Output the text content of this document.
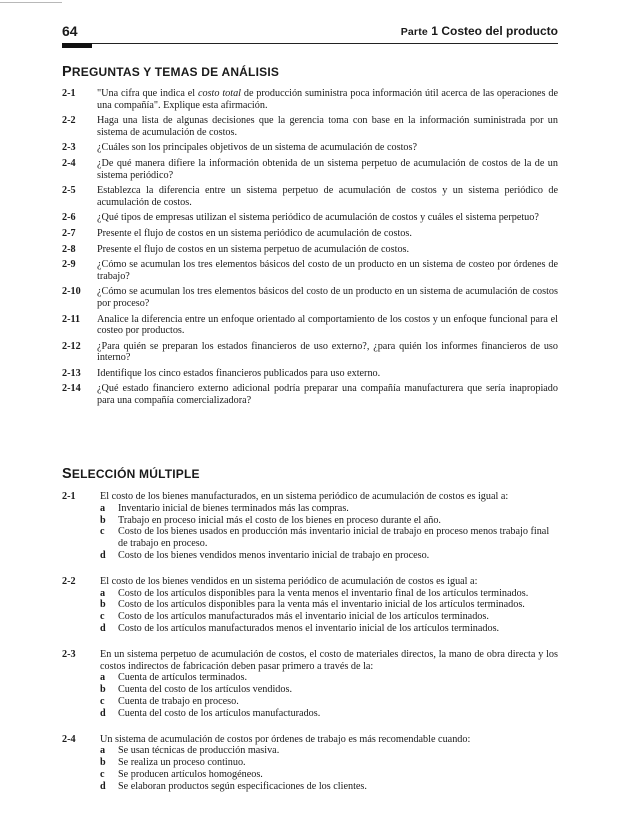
64	Parte 1 Costeo del producto
PREGUNTAS Y TEMAS DE ANÁLISIS
2-1	"Una cifra que indica el costo total de producción suministra poca información útil acerca de las operaciones de una compañía". Explique esta afirmación.
2-2	Haga una lista de algunas decisiones que la gerencia toma con base en la información suministrada por un sistema de acumulación de costos.
2-3	¿Cuáles son los principales objetivos de un sistema de acumulación de costos?
2-4	¿De qué manera difiere la información obtenida de un sistema perpetuo de acumulación de costos de la de un sistema periódico?
2-5	Establezca la diferencia entre un sistema perpetuo de acumulación de costos y un sistema periódico de acumulación de costos.
2-6	¿Qué tipos de empresas utilizan el sistema periódico de acumulación de costos y cuáles el sistema perpetuo?
2-7	Presente el flujo de costos en un sistema periódico de acumulación de costos.
2-8	Presente el flujo de costos en un sistema perpetuo de acumulación de costos.
2-9	¿Cómo se acumulan los tres elementos básicos del costo de un producto en un sistema de costeo por órdenes de trabajo?
2-10	¿Cómo se acumulan los tres elementos básicos del costo de un producto en un sistema de acumulación de costos por proceso?
2-11	Analice la diferencia entre un enfoque orientado al comportamiento de los costos y un enfoque funcional para el costeo por productos.
2-12	¿Para quién se preparan los estados financieros de uso externo?, ¿para quién los informes financieros de uso interno?
2-13	Identifique los cinco estados financieros publicados para uso externo.
2-14	¿Qué estado financiero externo adicional podría preparar una compañía manufacturera que sería inapropiado para una compañía comercializadora?
SELECCIÓN MÚLTIPLE
2-1	El costo de los bienes manufacturados, en un sistema periódico de acumulación de costos es igual a:
a	Inventario inicial de bienes terminados más las compras.
b	Trabajo en proceso inicial más el costo de los bienes en proceso durante el año.
c	Costo de los bienes usados en producción más inventario inicial de trabajo en proceso menos trabajo final de trabajo en proceso.
d	Costo de los bienes vendidos menos inventario inicial de trabajo en proceso.
2-2	El costo de los bienes vendidos en un sistema periódico de acumulación de costos es igual a:
a	Costo de los artículos disponibles para la venta menos el inventario final de los artículos terminados.
b	Costo de los artículos disponibles para la venta más el inventario inicial de los artículos terminados.
c	Costo de los artículos manufacturados más el inventario inicial de los artículos terminados.
d	Costo de los artículos manufacturados menos el inventario inicial de los artículos terminados.
2-3	En un sistema perpetuo de acumulación de costos, el costo de materiales directos, la mano de obra directa y los costos indirectos de fabricación deben pasar primero a través de la:
a	Cuenta de artículos terminados.
b	Cuenta del costo de los artículos vendidos.
c	Cuenta de trabajo en proceso.
d	Cuenta del costo de los artículos manufacturados.
2-4	Un sistema de acumulación de costos por órdenes de trabajo es más recomendable cuando:
a	Se usan técnicas de producción masiva.
b	Se realiza un proceso continuo.
c	Se producen artículos homogéneos.
d	Se elaboran productos según especificaciones de los clientes.
